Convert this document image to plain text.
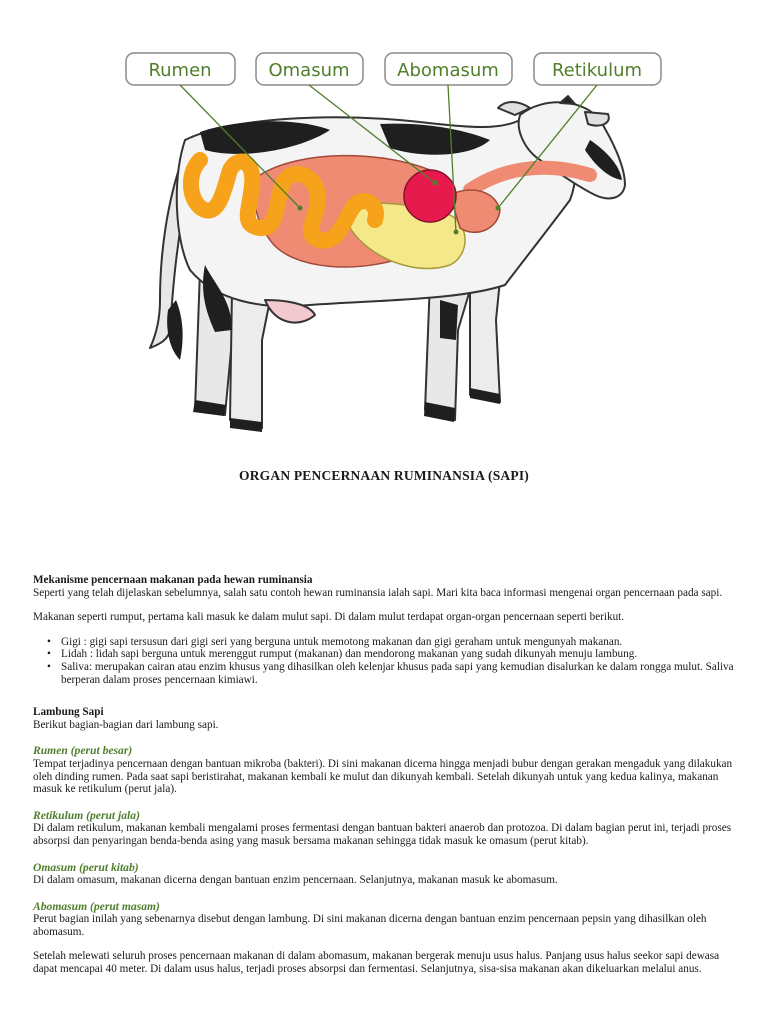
Rumen	Omasum	Abomasum	Retikulum
ORGAN PENCERNAAN RUMINANSIA (SAPI)

Mekanisme pencernaan makanan pada hewan ruminansia

Seperti yang telah dijelaskan sebelumnya, salah satu contoh hewan ruminansia ialah sapi. Mari kita baca informasi mengenai organ pencernaan pada sapi.

Makanan seperti rumput, pertama kali masuk ke dalam mulut sapi. Di dalam mulut terdapat organ-organ pencernaan seperti berikut.

• Gigi : gigi sapi tersusun dari gigi seri yang berguna untuk memotong makanan dan gigi geraham untuk mengunyah makanan.
• Lidah : lidah sapi berguna untuk merenggut rumput (makanan) dan mendorong makanan yang sudah dikunyah menuju lambung.
• Saliva: merupakan cairan atau enzim khusus yang dihasilkan oleh kelenjar khusus pada sapi yang kemudian disalurkan ke dalam rongga mulut. Saliva berperan dalam proses pencernaan kimiawi.

Lambung Sapi

Berikut bagian-bagian dari lambung sapi.

Rumen (perut besar)

Tempat terjadinya pencernaan dengan bantuan mikroba (bakteri). Di sini makanan dicerna hingga menjadi bubur dengan gerakan mengaduk yang dilakukan oleh dinding rumen. Pada saat sapi beristirahat, makanan kembali ke mulut dan dikunyah kembali. Setelah dikunyah untuk yang kedua kalinya, makanan masuk ke retikulum (perut jala).

Retikulum (perut jala)

Di dalam retikulum, makanan kembali mengalami proses fermentasi dengan bantuan bakteri anaerob dan protozoa. Di dalam bagian perut ini, terjadi proses absorpsi dan penyaringan benda-benda asing yang masuk bersama makanan sehingga tidak masuk ke omasum (perut kitab).

Omasum (perut kitab)

Di dalam omasum, makanan dicerna dengan bantuan enzim pencernaan. Selanjutnya, makanan masuk ke abomasum.

Abomasum (perut masam)

Perut bagian inilah yang sebenarnya disebut dengan lambung. Di sini makanan dicerna dengan bantuan enzim pencernaan pepsin yang dihasilkan oleh abomasum.

Setelah melewati seluruh proses pencernaan makanan di dalam abomasum, makanan bergerak menuju usus halus. Panjang usus halus seekor sapi dewasa dapat mencapai 40 meter. Di dalam usus halus, terjadi proses absorpsi dan fermentasi. Selanjutnya, sisa-sisa makanan akan dikeluarkan melalui anus.
